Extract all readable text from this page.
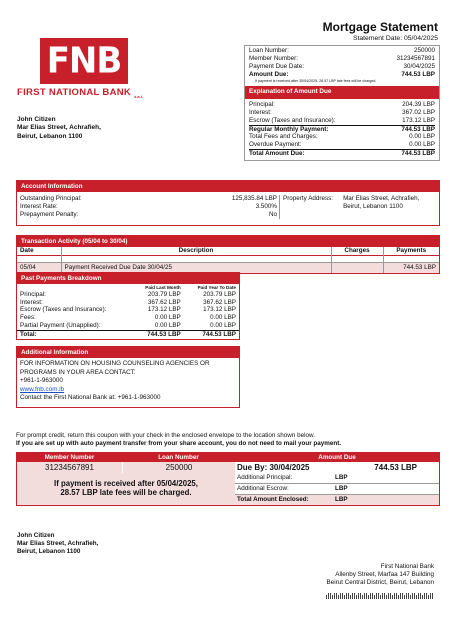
Mortgage Statement
Statement Date: 05/04/2025
FNB
FIRST NATIONAL BANK s.a.l.
John Citizen
Mar Elias Street, Achrafieh,
Beirut, Lebanon 1100
Loan Number:	250000
Member Number:	31234567891
Payment Due Date:	30/04/2025
Amount Due:	744.53 LBP
If payment is received after 30/04/2025, 28.57 LBP late fees will be charged.
Explanation of Amount Due
Principal:	204.39 LBP
Interest:	367.02 LBP
Escrow (Taxes and Insurance):	173.12 LBP
Regular Monthly Payment:	744.53 LBP
Total Fees and Charges:	0.00 LBP
Overdue Payment:	0.00 LBP
Total Amount Due:	744.53 LBP
Account Information
Outstanding Principal:	125,835.84 LBP
Interest Rate:	3.500%
Prepayment Penalty:	No
Property Address: Mar Elias Street, Achrafieh,
Beirut, Lebanon 1100
Transaction Activity (05/04 to 30/04)
Date	Description	Charges	Payments

05/04	Payment Received Due Date 30/04/25		744.53 LBP
Past Payments Breakdown
	Paid Last Month	Paid Year To Date
Principal:	203.79 LBP	203.79 LBP
Interest:	367.62 LBP	367.62 LBP
Escrow (Taxes and Insurance):	173.12 LBP	173.12 LBP
Fees:	0.00 LBP	0.00 LBP
Partial Payment (Unapplied):	0.00 LBP	0.00 LBP
Total:	744.53 LBP	744.53 LBP
Additional Information
FOR INFORMATION ON HOUSING COUNSELING AGENCIES OR
PROGRAMS IN YOUR AREA CONTACT:
+961-1-963000
www.fnb.com.lb
Contact the First National Bank at: +961-1-963000
For prompt credit, return this coupon with your check in the enclosed envelope to the location shown below.
If you are set up with auto payment transfer from your share account, you do not need to mail your payment.
Member Number	Loan Number	Amount Due
31234567891	250000	Due By: 30/04/2025	744.53 LBP
If payment is received after 05/04/2025,
28.57 LBP late fees will be charged.
Additional Principal:	LBP
Additional Escrow:	LBP
Total Amount Enclosed:	LBP
John Citizen
Mar Elias Street, Achrafieh,
Beirut, Lebanon 1100
First National Bank
Allenby Street, Marfaa 147 Building
Beirut Central District, Beirut, Lebanon
